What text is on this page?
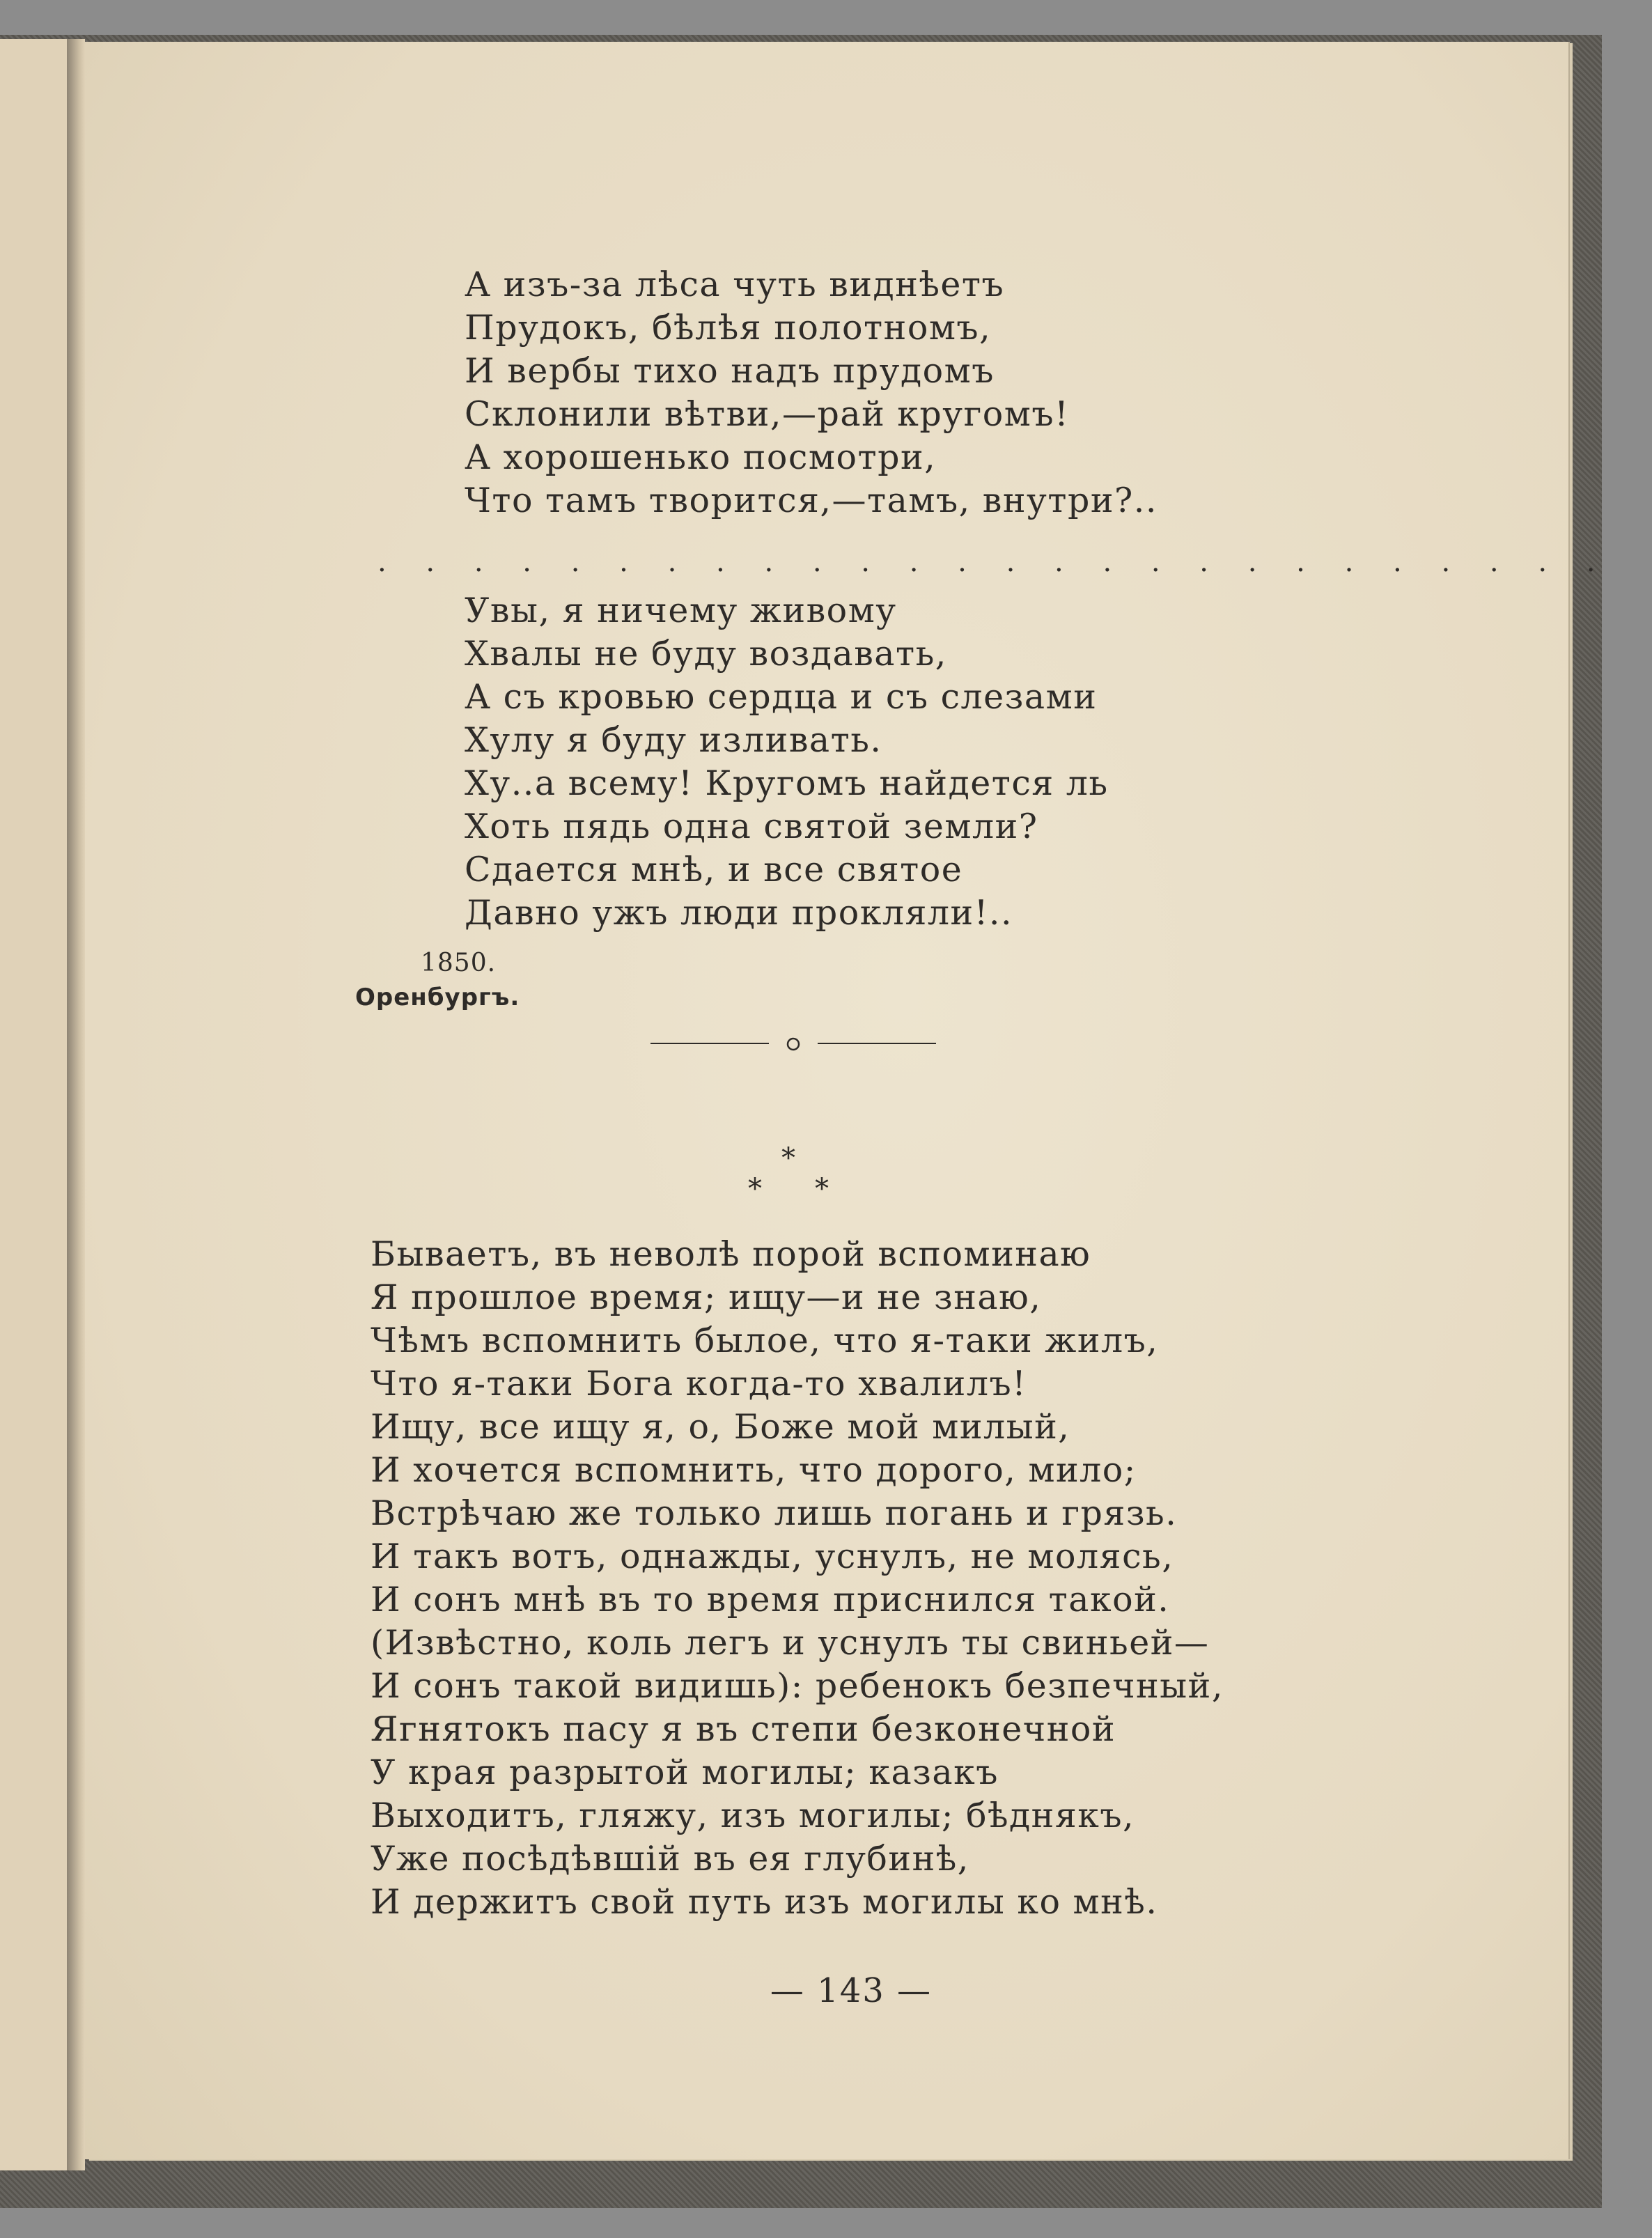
А изъ-за лѣса чуть виднѣетъ
Прудокъ, бѣлѣя полотномъ,
И вербы тихо надъ прудомъ
Склонили вѣтви,—рай кругомъ!
А хорошенько посмотри,
Что тамъ творится,—тамъ, внутри?..
. . . . . . . . . . . . . . . . . . . . . . . . . .
Увы, я ничему живому
Хвалы не буду воздавать,
А съ кровью сердца и съ слезами
Хулу я буду изливать.
Ху..а всему! Кругомъ найдется ль
Хоть пядь одна святой земли?
Сдается мнѣ, и все святое
Давно ужъ люди прокляли!..
1850.
Оренбургъ.
*
* *
Бываетъ, въ неволѣ порой вспоминаю
Я прошлое время; ищу—и не знаю,
Чѣмъ вспомнить былое, что я-таки жилъ,
Что я-таки Бога когда-то хвалилъ!
Ищу, все ищу я, о, Боже мой милый,
И хочется вспомнить, что дорого, мило;
Встрѣчаю же только лишь погань и грязь.
И такъ вотъ, однажды, уснулъ, не молясь,
И сонъ мнѣ въ то время приснился такой.
(Извѣстно, коль легъ и уснулъ ты свиньей—
И сонъ такой видишь): ребенокъ безпечный,
Ягнятокъ пасу я въ степи безконечной
У края разрытой могилы; казакъ
Выходитъ, гляжу, изъ могилы; бѣднякъ,
Уже посѣдѣвшій въ ея глубинѣ,
И держитъ свой путь изъ могилы ко мнѣ.
— 143 —
